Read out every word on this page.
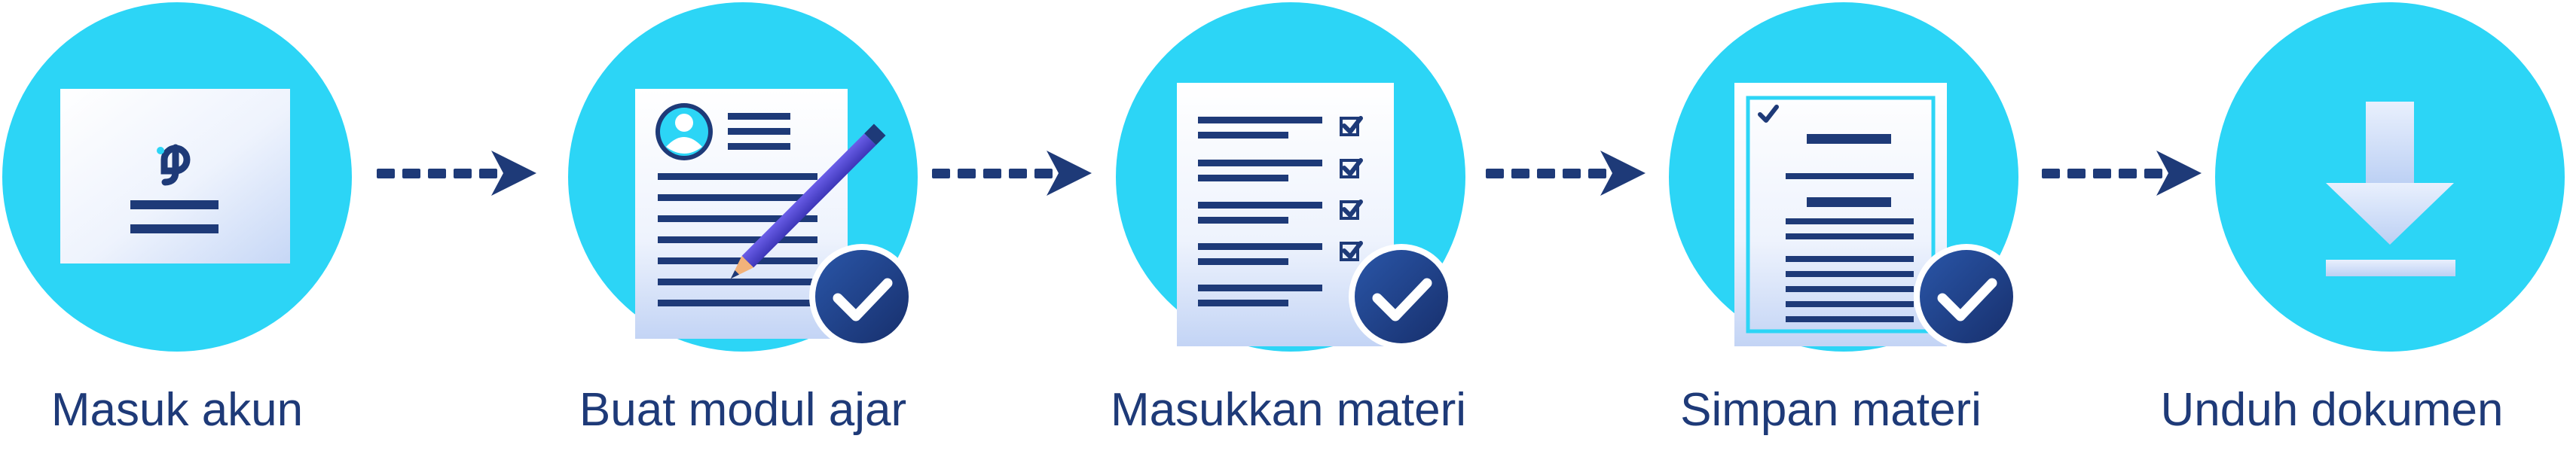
Masuk akun	Buat modul ajar	Masukkan materi	Simpan materi	Unduh dokumen
